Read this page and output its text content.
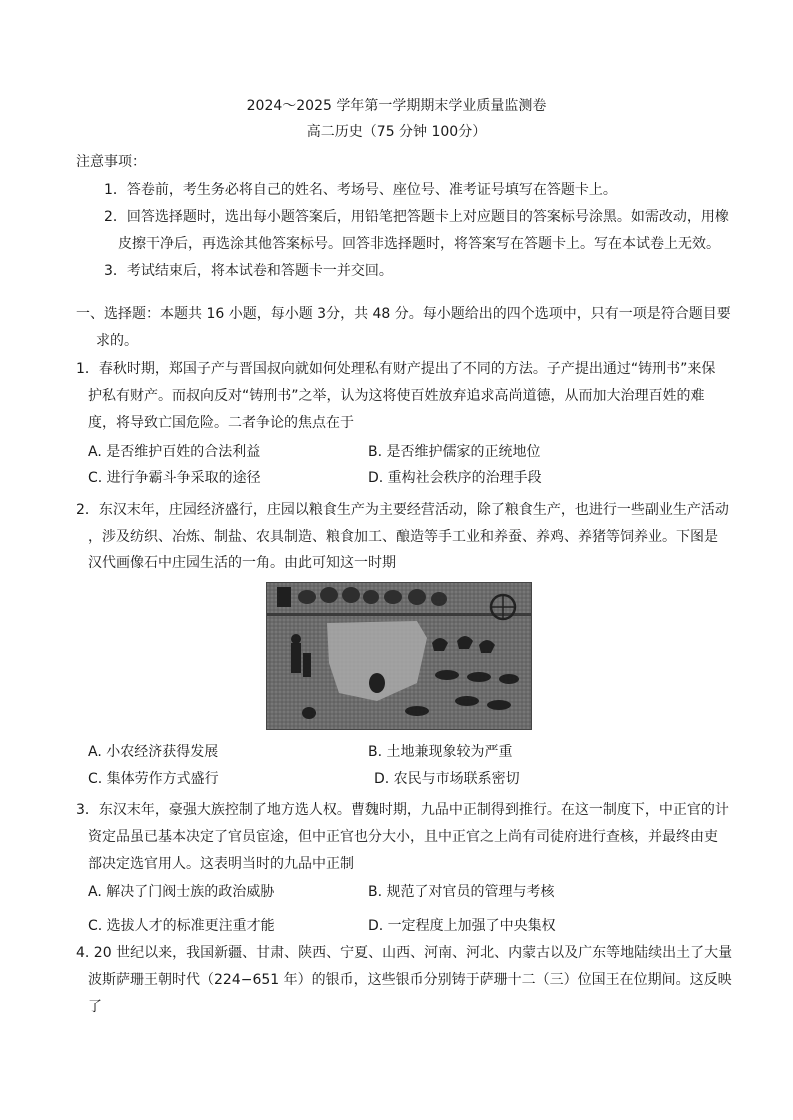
2024～2025 学年第一学期期末学业质量监测卷
高二历史（75 分钟 100分）
注意事项：
1．答卷前，考生务必将自己的姓名、考场号、座位号、准考证号填写在答题卡上。
2．回答选择题时，选出每小题答案后，用铅笔把答题卡上对应题目的答案标号涂黑。如需改动，用橡
皮擦干净后，再选涂其他答案标号。回答非选择题时，将答案写在答题卡上。写在本试卷上无效。
3．考试结束后，将本试卷和答题卡一并交回。
一、选择题：本题共 16 小题，每小题 3分，共 48 分。每小题给出的四个选项中，只有一项是符合题目要
求的。
1．春秋时期，郑国子产与晋国叔向就如何处理私有财产提出了不同的方法。子产提出通过“铸刑书”来保
护私有财产。而叔向反对“铸刑书”之举，认为这将使百姓放弃追求高尚道德，从而加大治理百姓的难
度，将导致亡国危险。二者争论的焦点在于
A. 是否维护百姓的合法利益	B. 是否维护儒家的正统地位
C. 进行争霸斗争采取的途径	D. 重构社会秩序的治理手段
2．东汉末年，庄园经济盛行，庄园以粮食生产为主要经营活动，除了粮食生产，也进行一些副业生产活动
，涉及纺织、冶炼、制盐、农具制造、粮食加工、酿造等手工业和养蚕、养鸡、养猪等饲养业。下图是
汉代画像石中庄园生活的一角。由此可知这一时期
A. 小农经济获得发展	B. 土地兼现象较为严重
C. 集体劳作方式盛行	D. 农民与市场联系密切
3．东汉末年，豪强大族控制了地方选人权。曹魏时期，九品中正制得到推行。在这一制度下，中正官的计
资定品虽已基本决定了官员宦途，但中正官也分大小，且中正官之上尚有司徒府进行查核，并最终由吏
部决定选官用人。这表明当时的九品中正制
A. 解决了门阀士族的政治威胁	B. 规范了对官员的管理与考核
C. 选拔人才的标准更注重才能	D. 一定程度上加强了中央集权
4. 20 世纪以来，我国新疆、甘肃、陕西、宁夏、山西、河南、河北、内蒙古以及广东等地陆续出土了大量
波斯萨珊王朝时代（224−651 年）的银币，这些银币分别铸于萨珊十二（三）位国王在位期间。这反映
了
